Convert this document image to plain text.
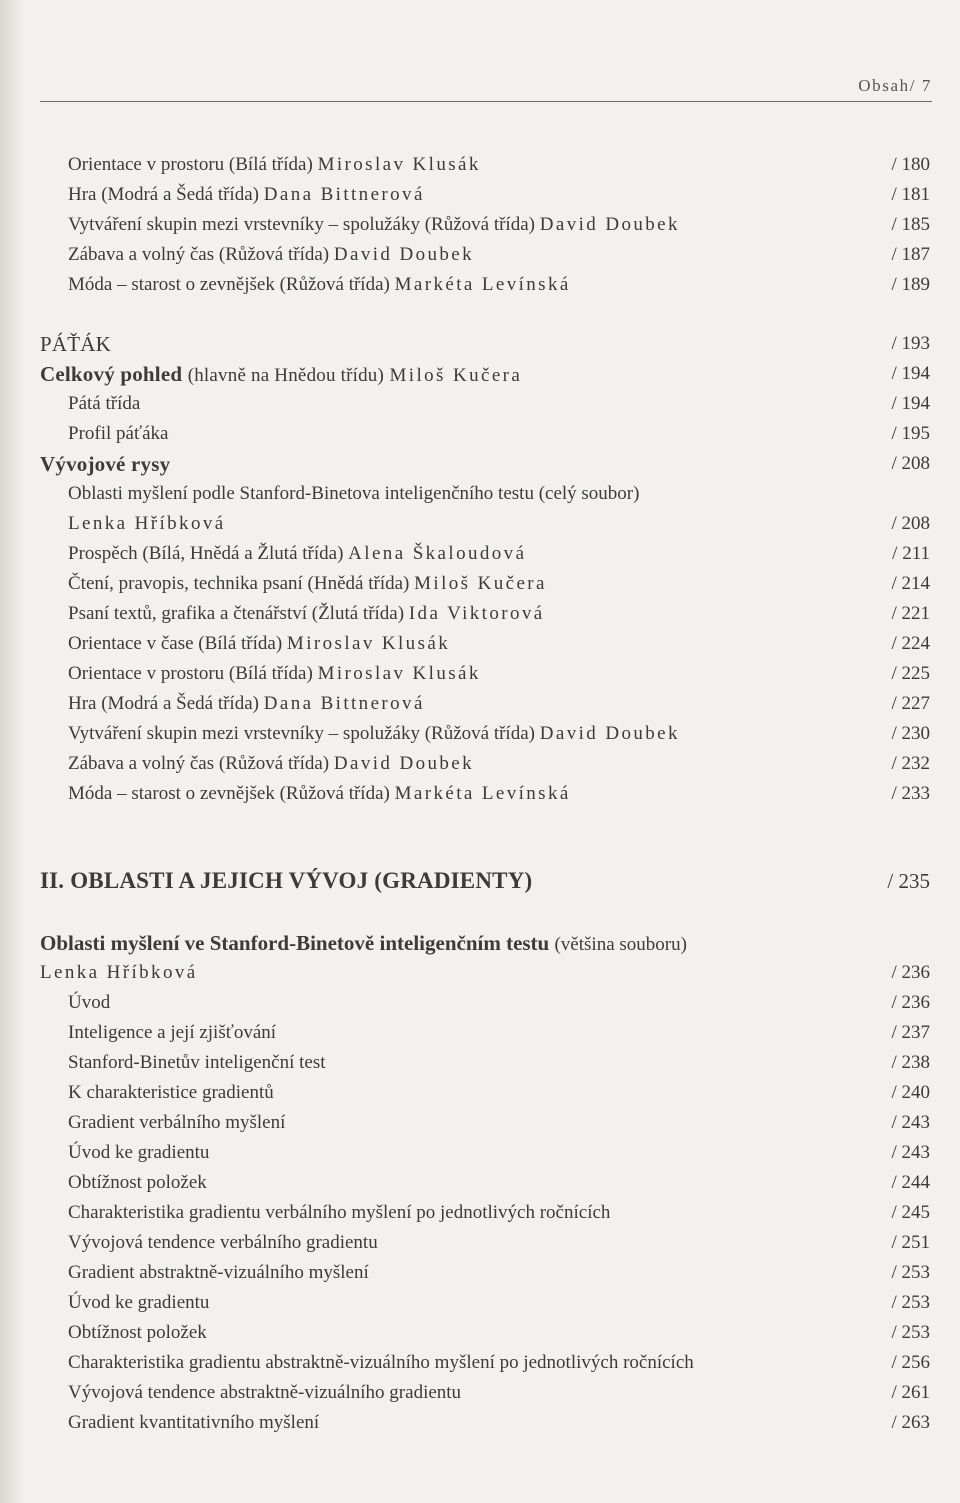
Obsah/ 7
Orientace v prostoru (Bílá třída) Miroslav Klusák	/ 180
Hra (Modrá a Šedá třída) Dana Bittnerová	/ 181
Vytváření skupin mezi vrstevníky – spolužáky (Růžová třída) David Doubek	/ 185
Zábava a volný čas (Růžová třída) David Doubek	/ 187
Móda – starost o zevnějšek (Růžová třída) Markéta Levínská	/ 189
PÁŤÁK	/ 193
Celkový pohled (hlavně na Hnědou třídu) Miloš Kučera	/ 194
Pátá třída	/ 194
Profil páťáka	/ 195
Vývojové rysy	/ 208
Oblasti myšlení podle Stanford-Binetova inteligenčního testu (celý soubor)
Lenka Hříbková	/ 208
Prospěch (Bílá, Hnědá a Žlutá třída) Alena Škaloudová	/ 211
Čtení, pravopis, technika psaní (Hnědá třída) Miloš Kučera	/ 214
Psaní textů, grafika a čtenářství (Žlutá třída) Ida Viktorová	/ 221
Orientace v čase (Bílá třída) Miroslav Klusák	/ 224
Orientace v prostoru (Bílá třída) Miroslav Klusák	/ 225
Hra (Modrá a Šedá třída) Dana Bittnerová	/ 227
Vytváření skupin mezi vrstevníky – spolužáky (Růžová třída) David Doubek	/ 230
Zábava a volný čas (Růžová třída) David Doubek	/ 232
Móda – starost o zevnějšek (Růžová třída) Markéta Levínská	/ 233
II. OBLASTI A JEJICH VÝVOJ (GRADIENTY)	/ 235
Oblasti myšlení ve Stanford-Binetově inteligenčním testu (většina souboru)
Lenka Hříbková	/ 236
Úvod	/ 236
Inteligence a její zjišťování	/ 237
Stanford-Binetův inteligenční test	/ 238
K charakteristice gradientů	/ 240
Gradient verbálního myšlení	/ 243
Úvod ke gradientu	/ 243
Obtížnost položek	/ 244
Charakteristika gradientu verbálního myšlení po jednotlivých ročnících	/ 245
Vývojová tendence verbálního gradientu	/ 251
Gradient abstraktně-vizuálního myšlení	/ 253
Úvod ke gradientu	/ 253
Obtížnost položek	/ 253
Charakteristika gradientu abstraktně-vizuálního myšlení po jednotlivých ročnících	/ 256
Vývojová tendence abstraktně-vizuálního gradientu	/ 261
Gradient kvantitativního myšlení	/ 263
